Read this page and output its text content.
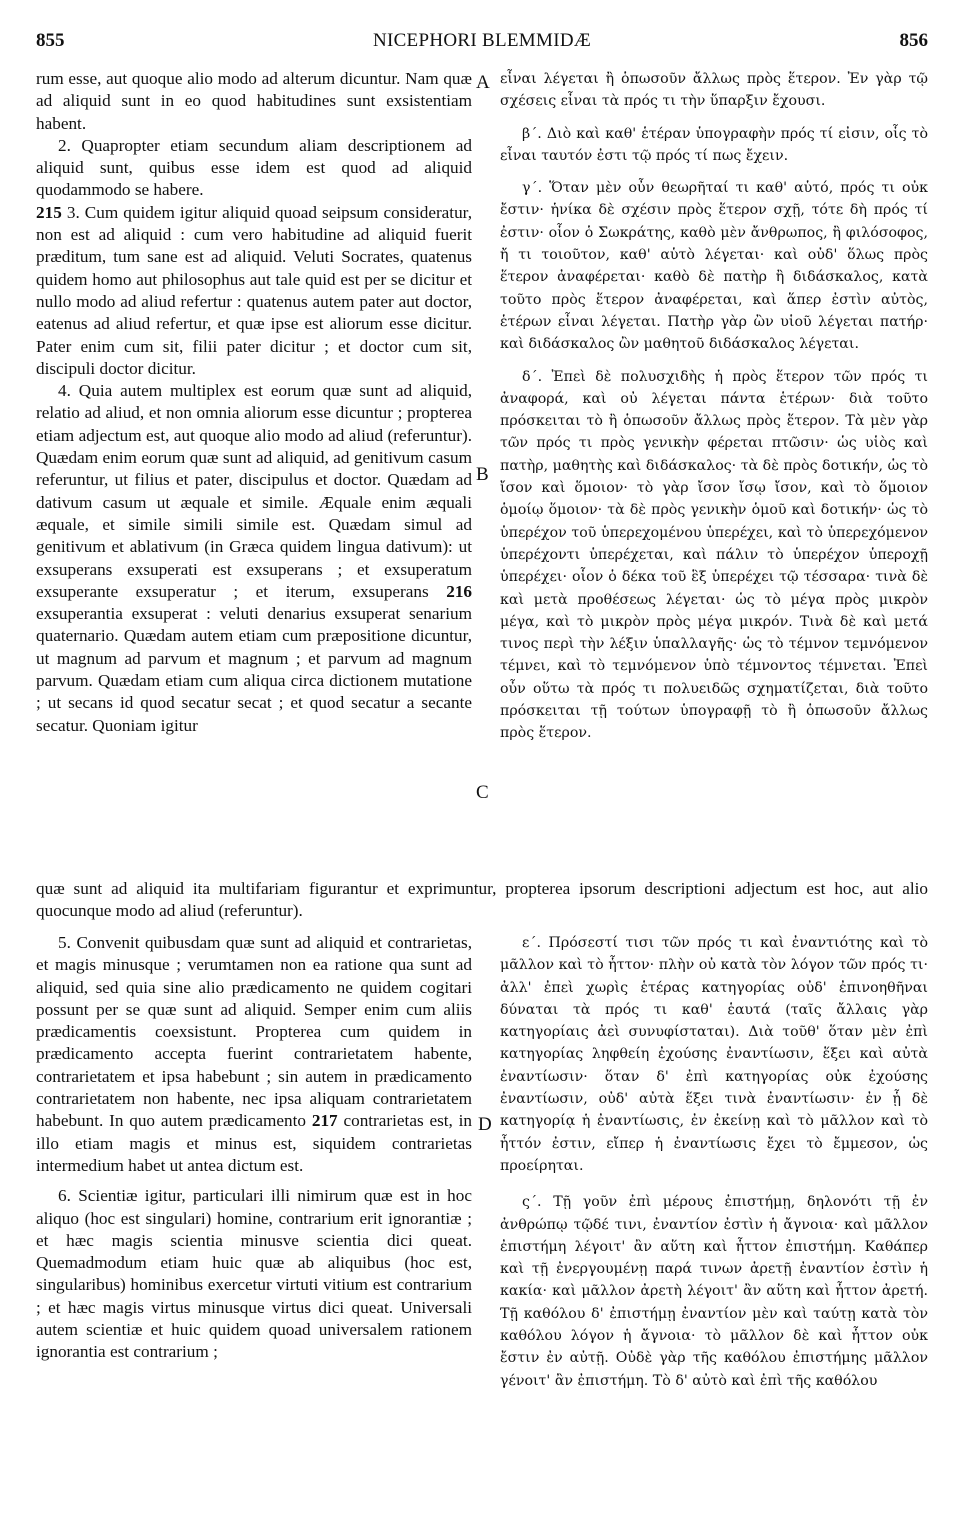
855	NICEPHORI BLEMMIDÆ	856
A
B
C
D

rum esse, aut quoque alio modo ad alterum dicuntur. Nam quæ ad aliquid sunt in eo quod habitudines sunt exsistentiam habent.

2. Quapropter etiam secundum aliam descriptionem ad aliquid sunt, quibus esse idem est quod ad aliquid quodammodo se habere.

215 3. Cum quidem igitur aliquid quoad seipsum consideratur, non est ad aliquid : cum vero habitudine ad aliquid fuerit præditum, tum sane est ad aliquid. Veluti Socrates, quatenus quidem homo aut philosophus aut tale quid est per se dicitur et nullo modo ad aliud refertur : quatenus autem pater aut doctor, eatenus ad aliud refertur, et quæ ipse est aliorum esse dicitur. Pater enim cum sit, filii pater dicitur ; et doctor cum sit, discipuli doctor dicitur.

4. Quia autem multiplex est eorum quæ sunt ad aliquid, relatio ad aliud, et non omnia aliorum esse dicuntur ; propterea etiam adjectum est, aut quoque alio modo ad aliud (referuntur). Quædam enim eorum quæ sunt ad aliquid, ad genitivum casum referuntur, ut filius et pater, discipulus et doctor. Quædam ad dativum casum ut æquale et simile. Æquale enim æquali æquale, et simile simili simile est. Quædam simul ad genitivum et ablativum (in Græca quidem lingua dativum): ut exsuperans exsuperati est exsuperans ; et exsuperatum exsuperante exsuperatur ; et iterum, exsuperans 216 exsuperantia exsuperat : veluti denarius exsuperat senarium quaternario. Quædam autem etiam cum præpositione dicuntur, ut magnum ad parvum et magnum ; et parvum ad magnum parvum. Quædam etiam cum aliqua circa dictionem mutatione ; ut secans id quod secatur secat ; et quod secatur a secante secatur. Quoniam igitur

εἶναι λέγεται ἢ ὁπωσοῦν ἄλλως πρὸς ἕτερον. Ἐν γὰρ τῷ σχέσεις εἶναι τὰ πρός τι τὴν ὕπαρξιν ἔχουσι.

β΄. Διὸ καὶ καθ' ἑτέραν ὑπογραφὴν πρός τί εἰσιν, οἷς τὸ εἶναι ταυτόν ἐστι τῷ πρός τί πως ἔχειν.

γ΄. Ὅταν μὲν οὖν θεωρῆταί τι καθ' αὑτό, πρός τι οὐκ ἔστιν· ἡνίκα δὲ σχέσιν πρὸς ἕτερον σχῇ, τότε δὴ πρός τί ἐστιν· οἷον ὁ Σωκράτης, καθὸ μὲν ἄνθρωπος, ἢ φιλόσοφος, ἤ τι τοιοῦτον, καθ' αὑτὸ λέγεται· καὶ οὐδ' ὅλως πρὸς ἕτερον ἀναφέρεται· καθὸ δὲ πατὴρ ἢ διδάσκαλος, κατὰ τοῦτο πρὸς ἕτερον ἀναφέρεται, καὶ ἅπερ ἐστὶν αὐτὸς, ἑτέρων εἶναι λέγεται. Πατὴρ γὰρ ὢν υἱοῦ λέγεται πατήρ· καὶ διδάσκαλος ὢν μαθητοῦ διδάσκαλος λέγεται.

δ΄. Ἐπεὶ δὲ πολυσχιδὴς ἡ πρὸς ἕτερον τῶν πρός τι ἀναφορά, καὶ οὐ λέγεται πάντα ἑτέρων· διὰ τοῦτο πρόσκειται τὸ ἢ ὁπωσοῦν ἄλλως πρὸς ἕτερον. Τὰ μὲν γὰρ τῶν πρός τι πρὸς γενικὴν φέρεται πτῶσιν· ὡς υἱὸς καὶ πατὴρ, μαθητὴς καὶ διδάσκαλος· τὰ δὲ πρὸς δοτικήν, ὡς τὸ ἴσον καὶ ὅμοιον· τὸ γὰρ ἴσον ἴσῳ ἴσον, καὶ τὸ ὅμοιον ὁμοίῳ ὅμοιον· τὰ δὲ πρὸς γενικὴν ὁμοῦ καὶ δοτικήν· ὡς τὸ ὑπερέχον τοῦ ὑπερεχομένου ὑπερέχει, καὶ τὸ ὑπερεχόμενον ὑπερέχοντι ὑπερέχεται, καὶ πάλιν τὸ ὑπερέχον ὑπεροχῇ ὑπερέχει· οἷον ὁ δέκα τοῦ ἓξ ὑπερέχει τῷ τέσσαρα· τινὰ δὲ καὶ μετὰ προθέσεως λέγεται· ὡς τὸ μέγα πρὸς μικρὸν μέγα, καὶ τὸ μικρὸν πρὸς μέγα μικρόν. Τινὰ δὲ καὶ μετά τινος περὶ τὴν λέξιν ὑπαλλαγῆς· ὡς τὸ τέμνον τεμνόμενον τέμνει, καὶ τὸ τεμνόμενον ὑπὸ τέμνοντος τέμνεται. Ἐπεὶ οὖν οὕτω τὰ πρός τι πολυειδῶς σχηματίζεται, διὰ τοῦτο πρόσκειται τῇ τούτων ὑπογραφῇ τὸ ἢ ὁπωσοῦν ἄλλως πρὸς ἕτερον.

quæ sunt ad aliquid ita multifariam figurantur et exprimuntur, propterea ipsorum descriptioni adjectum est hoc, aut alio quocunque modo ad aliud (referuntur).

5. Convenit quibusdam quæ sunt ad aliquid et contrarietas, et magis minusque ; verumtamen non ea ratione qua sunt ad aliquid, sed quia sine alio prædicamento ne quidem cogitari possunt per se quæ sunt ad aliquid. Semper enim cum aliis prædicamentis coexsistunt. Propterea cum quidem in prædicamento accepta fuerint contrarietatem habente, contrarietatem et ipsa habebunt ; sin autem in prædicamento contrarietatem non habente, nec ipsa aliquam contrarietatem habebunt. In quo autem prædicamento 217 contrarietas est, in illo etiam magis et minus est, siquidem contrarietas intermedium habet ut antea dictum est.

6. Scientiæ igitur, particulari illi nimirum quæ est in hoc aliquo (hoc est singulari) homine, contrarium erit ignorantiæ ; et hæc magis scientia minusve scientia dici queat. Quemadmodum etiam huic quæ ab aliquibus (hoc est, singularibus) hominibus exercetur virtuti vitium est contrarium ; et hæc magis virtus minusque virtus dici queat. Universali autem scientiæ et huic quidem quoad universalem rationem ignorantia est contrarium ;

ε΄. Πρόσεστί τισι τῶν πρός τι καὶ ἐναντιότης καὶ τὸ μᾶλλον καὶ τὸ ἧττον· πλὴν οὐ κατὰ τὸν λόγον τῶν πρός τι· ἀλλ' ἐπεὶ χωρὶς ἑτέρας κατηγορίας οὐδ' ἐπινοηθῆναι δύναται τὰ πρός τι καθ' ἑαυτά (ταῖς ἄλλαις γὰρ κατηγορίαις ἀεὶ συνυφίσταται). Διὰ τοῦθ' ὅταν μὲν ἐπὶ κατηγορίας ληφθείη ἐχούσης ἐναντίωσιν, ἕξει καὶ αὐτὰ ἐναντίωσιν· ὅταν δ' ἐπὶ κατηγορίας οὐκ ἐχούσης ἐναντίωσιν, οὐδ' αὐτὰ ἕξει τινὰ ἐναντίωσιν· ἐν ᾗ δὲ κατηγορίᾳ ἡ ἐναντίωσις, ἐν ἐκείνῃ καὶ τὸ μᾶλλον καὶ τὸ ἧττόν ἐστιν, εἴπερ ἡ ἐναντίωσις ἔχει τὸ ἔμμεσον, ὡς προείρηται.

ς΄. Τῇ γοῦν ἐπὶ μέρους ἐπιστήμῃ, δηλονότι τῇ ἐν ἀνθρώπῳ τῷδέ τινι, ἐναντίον ἐστὶν ἡ ἄγνοια· καὶ μᾶλλον ἐπιστήμη λέγοιτ' ἂν αὕτη καὶ ἧττον ἐπιστήμη. Καθάπερ καὶ τῇ ἐνεργουμένῃ παρά τινων ἀρετῇ ἐναντίον ἐστὶν ἡ κακία· καὶ μᾶλλον ἀρετὴ λέγοιτ' ἂν αὕτη καὶ ἧττον ἀρετή. Τῇ καθόλου δ' ἐπιστήμῃ ἐναντίον μὲν καὶ ταύτῃ κατὰ τὸν καθόλου λόγον ἡ ἄγνοια· τὸ μᾶλλον δὲ καὶ ἧττον οὐκ ἔστιν ἐν αὐτῇ. Οὐδὲ γὰρ τῆς καθόλου ἐπιστήμης μᾶλλον γένοιτ' ἂν ἐπιστήμη. Τὸ δ' αὐτὸ καὶ ἐπὶ τῆς καθόλου
